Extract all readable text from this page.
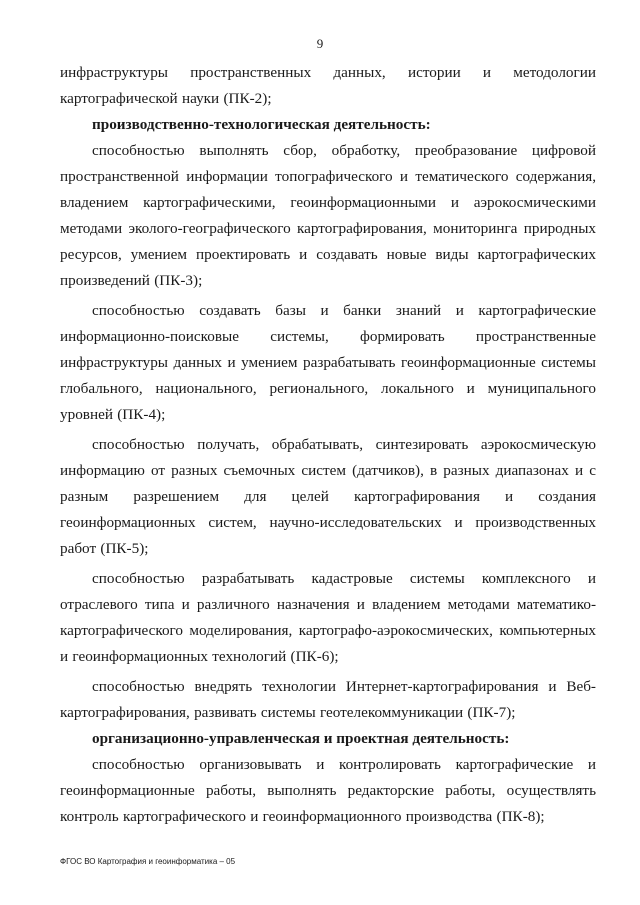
9

инфраструктуры пространственных данных, истории и методологии картографической науки (ПК-2);

производственно-технологическая деятельность:

способностью выполнять сбор, обработку, преобразование цифровой пространственной информации топографического и тематического содержания, владением картографическими, геоинформационными и аэрокосмическими методами эколого-географического картографирования, мониторинга природных ресурсов, умением проектировать и создавать новые виды картографических произведений (ПК-3);

способностью создавать базы и банки знаний и картографические информационно-поисковые системы, формировать пространственные инфраструктуры данных и умением разрабатывать геоинформационные системы глобального, национального, регионального, локального и муниципального уровней (ПК-4);

способностью получать, обрабатывать, синтезировать аэрокосмическую информацию от разных съемочных систем (датчиков), в разных диапазонах и с разным разрешением для целей картографирования и создания геоинформационных систем, научно-исследовательских и производственных работ (ПК-5);

способностью разрабатывать кадастровые системы комплексного и отраслевого типа и различного назначения и владением методами математико-картографического моделирования, картографо-аэрокосмических, компьютерных и геоинформационных технологий (ПК-6);

способностью внедрять технологии Интернет-картографирования и Веб-картографирования, развивать системы геотелекоммуникации (ПК-7);

организационно-управленческая и проектная деятельность:

способностью организовывать и контролировать картографические и геоинформационные работы, выполнять редакторские работы, осуществлять контроль картографического и геоинформационного производства (ПК-8);

ФГОС ВО Картография и геоинформатика – 05
